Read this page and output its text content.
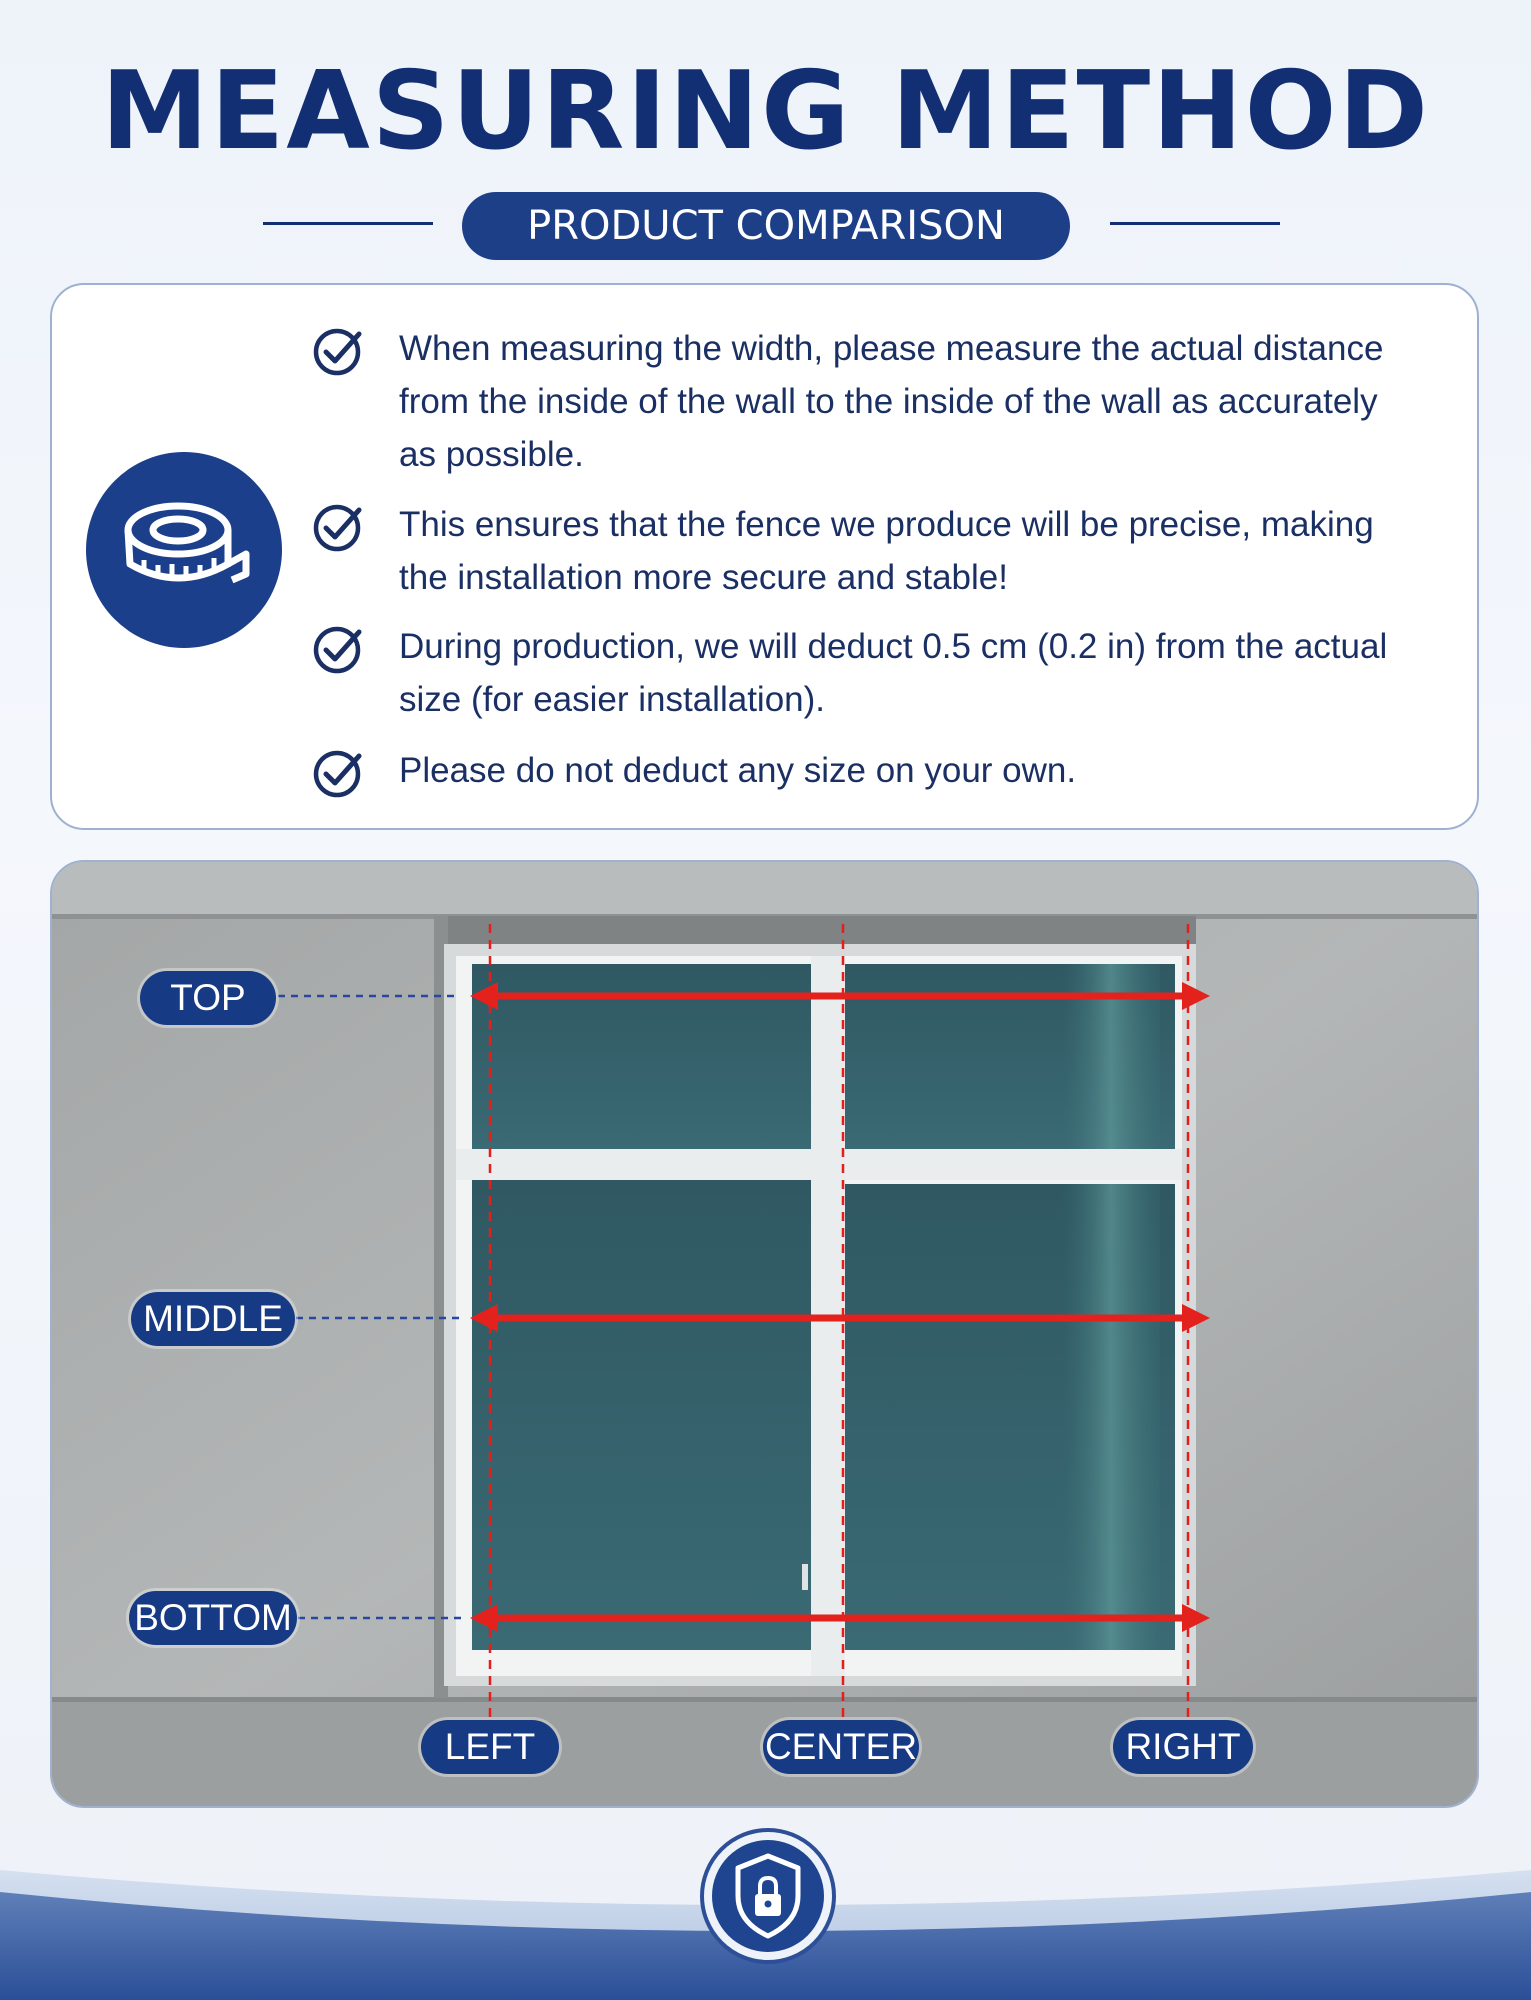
MEASURING METHOD
PRODUCT COMPARISON
When measuring the width, please measure the actual distance from the inside of the wall to the inside of the wall as accurately as possible.
This ensures that the fence we produce will be precise, making the installation more secure and stable!
During production, we will deduct 0.5 cm (0.2 in) from the actual size (for easier installation).
Please do not deduct any size on your own.
TOP
MIDDLE
BOTTOM
LEFT	CENTER	RIGHT
